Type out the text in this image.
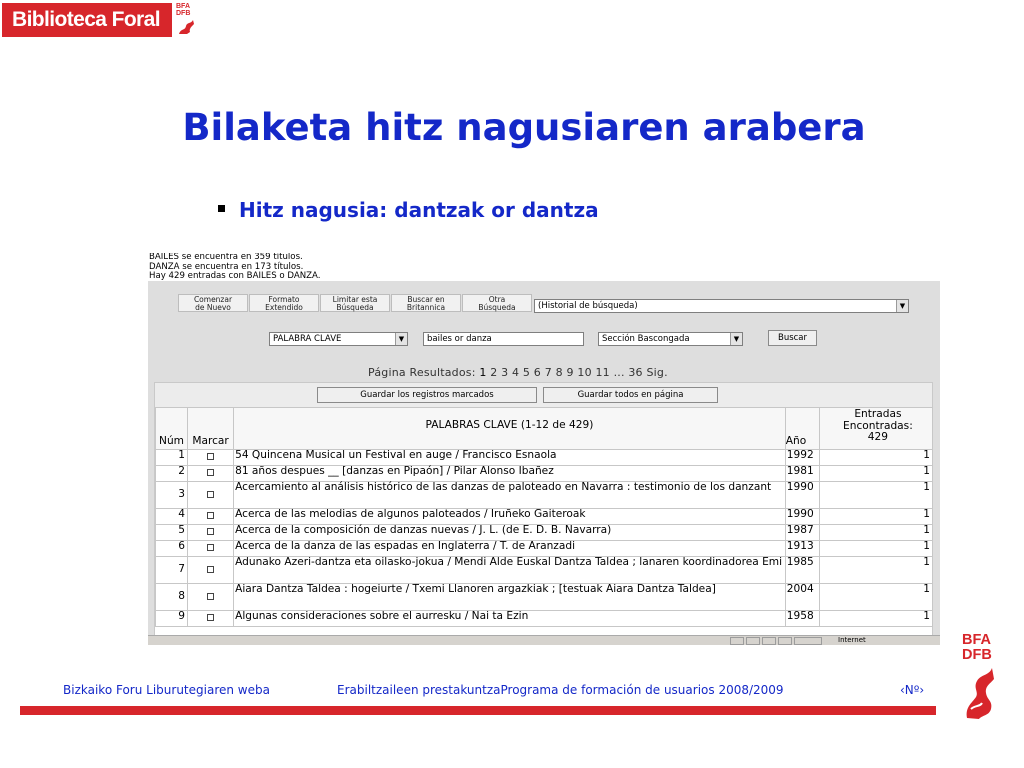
Biblioteca Foral
BFA
DFB
Bilaketa hitz nagusiaren arabera
Hitz nagusia: dantzak or dantza
BAILES se encuentra en 359 títulos.
DANZA se encuentra en 173 títulos.
Hay 429 entradas con BAILES o DANZA.
Comenzar
de Nuevo
Formato
Extendido
Limitar esta
Búsqueda
Buscar en
Britannica
Otra
Búsqueda	(Historial de búsqueda)	▼
PALABRA CLAVE	▼	bailes or danza	Sección Bascongada	▼	Buscar
Página Resultados: 1 2 3 4 5 6 7 8 9 10 11 ... 36 Sig.
Guardar los registros marcados	Guardar todos en página
Núm	Marcar	PALABRAS CLAVE (1-12 de 429)	Año	Entradas Encontradas: 429
1		54 Quincena Musical un Festival en auge / Francisco Esnaola	1992	1
2		81 años despues __ [danzas en Pipaón] / Pilar Alonso Ibañez	1981	1
3		Acercamiento al análisis histórico de las danzas de paloteado en Navarra : testimonio de los danzant	1990	1
4		Acerca de las melodias de algunos paloteados / Iruñeko Gaiteroak	1990	1
5		Acerca de la composición de danzas nuevas / J. L. (de E. D. B. Navarra)	1987	1
6		Acerca de la danza de las espadas en Inglaterra / T. de Aranzadi	1913	1
7		Adunako Azeri-dantza eta oilasko-jokua / Mendi Alde Euskal Dantza Taldea ; lanaren koordinadorea Emi	1985	1
8		Aiara Dantza Taldea : hogeiurte / Txemi Llanoren argazkiak ; [testuak Aiara Dantza Taldea]	2004	1
9		Algunas consideraciones sobre el aurresku / Nai ta Ezin	1958	1
Internet
Bizkaiko Foru Liburutegiaren weba	Erabiltzaileen prestakuntzaPrograma de formación de usuarios 2008/2009	‹Nº›
BFA
DFB
